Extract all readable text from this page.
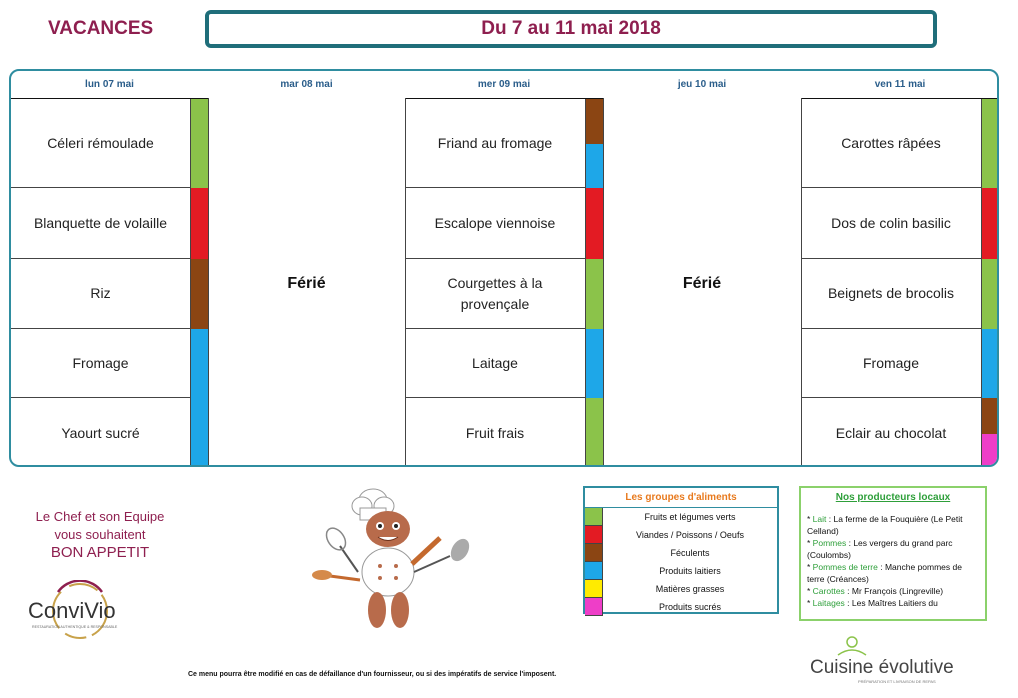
VACANCES	Du 7 au 11 mai 2018
lun 07 mai
Céleri rémoulade
Blanquette de volaille
Riz
Fromage
Yaourt sucré
mar 08 mai
Férié
mer 09 mai
Friand au fromage
Escalope viennoise
Courgettes à la provençale
Laitage
Fruit frais
jeu 10 mai
Férié
ven 11 mai
Carottes râpées
Dos de colin basilic
Beignets de brocolis
Fromage
Eclair au chocolat
Le Chef et son Equipe
vous souhaitent
BON APPETIT
ConviVio
RESTAURATION AUTHENTIQUE & RESPONSABLE
Les groupes d'aliments
Fruits et légumes verts
Viandes / Poissons / Oeufs
Féculents
Produits laitiers
Matières grasses
Produits sucrés
Nos producteurs locaux
* Lait : La ferme de la Fouquière (Le Petit Celland)
* Pommes : Les vergers du grand parc (Coulombs)
* Pommes de terre : Manche pommes de terre (Créances)
* Carottes : Mr François (Lingreville)
* Laitages : Les Maîtres Laitiers du
Ce menu pourra être modifié en cas de défaillance d'un fournisseur, ou si des impératifs de service l'imposent.	Cuisine évolutive
PRÉPARATION ET LIVRAISON DE REPAS
